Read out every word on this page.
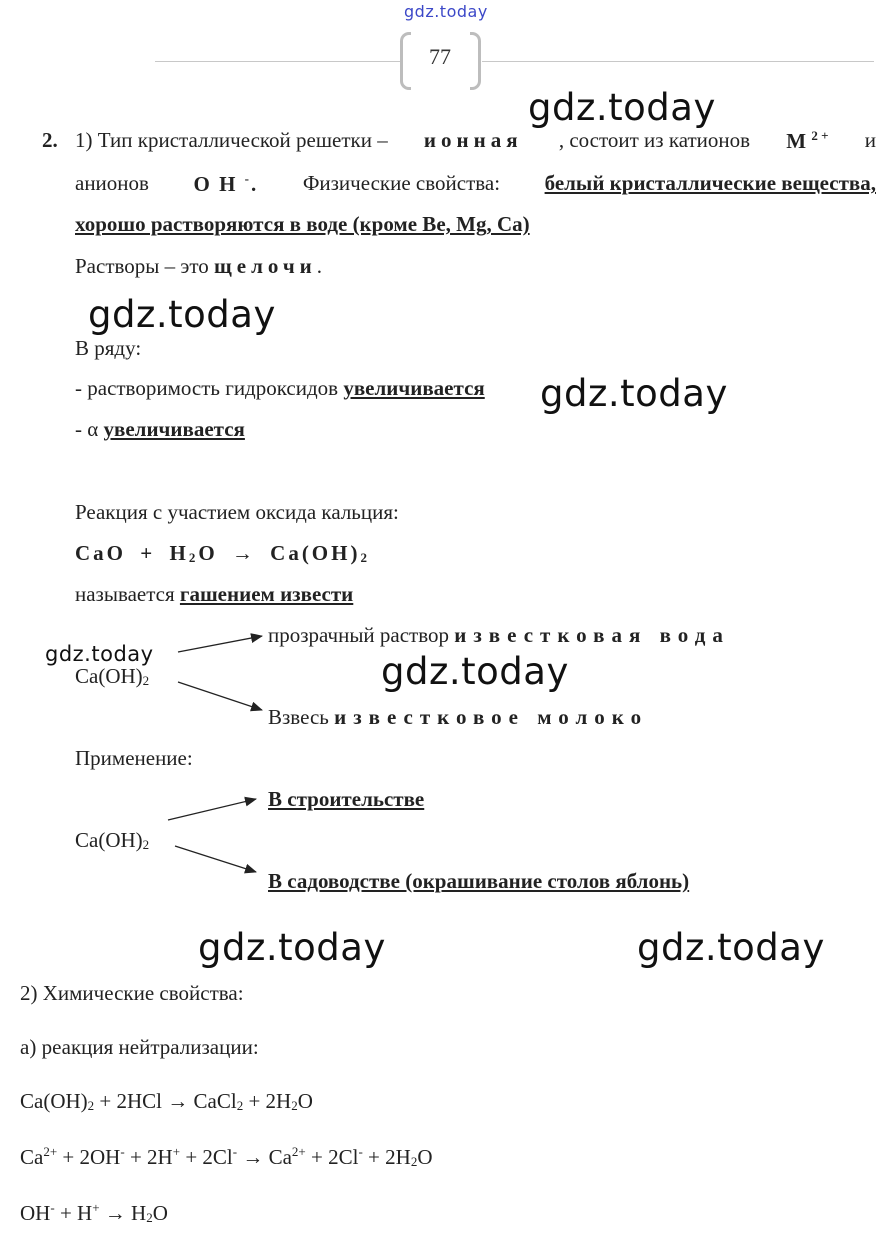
gdz.today
77
gdz.today
gdz.today
gdz.today
gdz.today	gdz.today
gdz.today	gdz.today
2. 1) Тип кристаллической решетки – ионная , состоит из катионов M $^{2 +}$ и
анионов O H -. Физические свойства: белый кристаллические вещества,
хорошо растворяются в воде (кроме Be, Mg, Ca)
Растворы – это щелочи.
В ряду:
- растворимость гидроксидов увеличивается
- α увеличивается
Реакция с участием оксида кальция:
CaO + $H_2O \to Ca(OH)_2$
называется гашением извести
$Ca(OH)_2$
прозрачный раствор известковая вода
Взвесь известковое молоко
Применение:
В строительстве
$Ca(OH)_2$
В садоводстве (окрашивание столов яблонь)
2) Химические свойства:
а) реакция нейтрализации:
$Ca(OH)_2 + 2HCl$ → CaCl$_2$ + $2H_2O$
$Ca^{2+} + 2OH^- + 2H^+ + 2Cl^- \to Ca^{2+} + 2Cl^- + 2H_2O$
$OH^- + H^+ \to H_2O$
